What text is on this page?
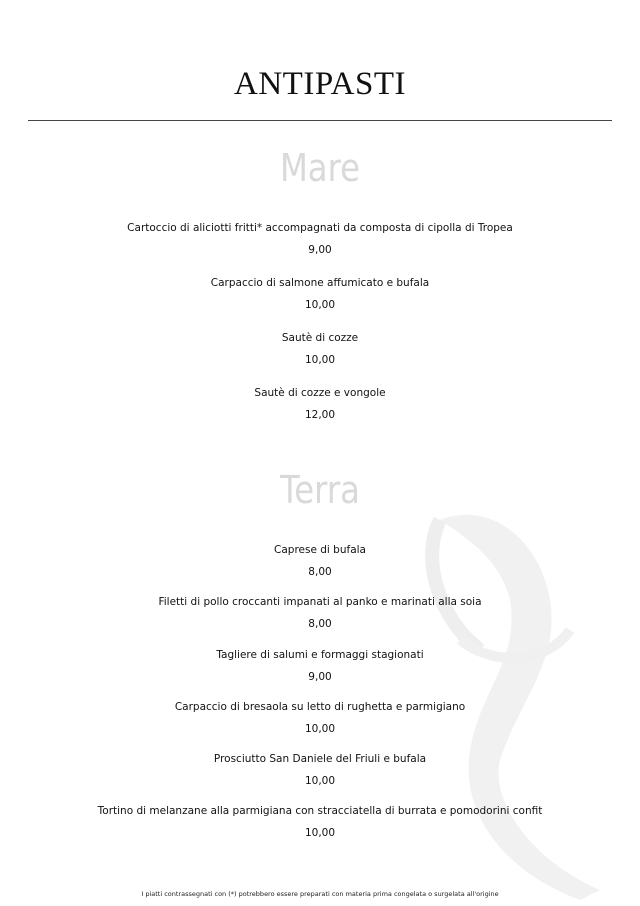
ANTIPASTI
Mare
Cartoccio di aliciotti fritti* accompagnati da composta di cipolla di Tropea
9,00
Carpaccio di salmone affumicato e bufala
10,00
Sautè di cozze
10,00
Sautè di cozze e vongole
12,00
Terra
Caprese di bufala
8,00
Filetti di pollo croccanti impanati al panko e marinati alla soia
8,00
Tagliere di salumi e formaggi stagionati
9,00
Carpaccio di bresaola su letto di rughetta e parmigiano
10,00
Prosciutto San Daniele del Friuli e bufala
10,00
Tortino di melanzane alla parmigiana con stracciatella di burrata e pomodorini confit
10,00
I piatti contrassegnati con (*) potrebbero essere preparati con materia prima congelata o surgelata all'origine
